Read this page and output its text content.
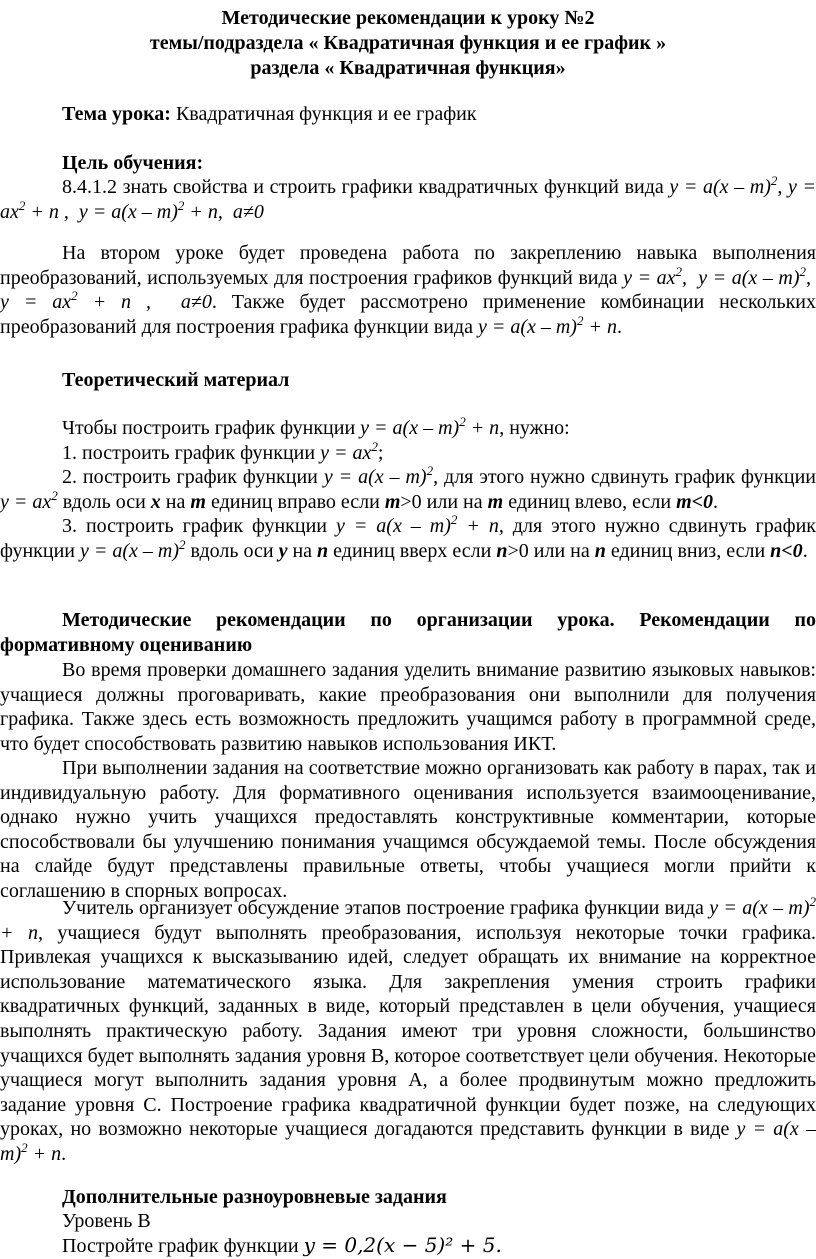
Методические рекомендации к уроку №2
темы/подраздела « Квадратичная функция и ее график »
раздела « Квадратичная функция»
Тема урока: Квадратичная функция и ее график
Цель обучения:
8.4.1.2 знать свойства и строить графики квадратичных функций вида y = a(x – m)$^2$, $y = ax^2 + n$ ,  y = a(x – m)$^2$ + n,  a≠0
На втором уроке будет проведена работа по закреплению навыка выполнения преобразований, используемых для построения графиков функций вида $y = ax^2$,  y = a(x – m)$^2$,  $y = ax^2 + n$ ,  a≠0. Также будет рассмотрено применение комбинации нескольких преобразований для построения графика функции вида y = a(x – m)$^2$ + n.
Теоретический материал
Чтобы построить график функции y = a(x – m)$^2$ + n, нужно:
1. построить график функции $y = ax^2$;
2. построить график функции y = a(x – m)$^2$, для этого нужно сдвинуть график функции $y = ax^2$ вдоль оси x на m единиц вправо если m>0 или на m единиц влево, если m<0.
3. построить график функции y = a(x – m)$^2$ + n, для этого нужно сдвинуть график функции y = a(x – m)$^2$ вдоль оси y на n единиц вверх если n>0 или на n единиц вниз, если n<0.
Методические рекомендации по организации урока. Рекомендации по формативному оцениванию
Во время проверки домашнего задания уделить внимание развитию языковых навыков: учащиеся должны проговаривать, какие преобразования они выполнили для получения графика. Также здесь есть возможность предложить учащимся работу в программной среде, что будет способствовать развитию навыков использования ИКТ.
При выполнении задания на соответствие можно организовать как работу в парах, так и индивидуальную работу. Для формативного оценивания используется взаимооценивание, однако нужно учить учащихся предоставлять конструктивные комментарии, которые способствовали бы улучшению понимания учащимся обсуждаемой темы. После обсуждения на слайде будут представлены правильные ответы, чтобы учащиеся могли прийти к соглашению в спорных вопросах.
Учитель организует обсуждение этапов построение графика функции вида y = a(x – m)$^2$ + n, учащиеся будут выполнять преобразования, используя некоторые точки графика. Привлекая учащихся к высказыванию идей, следует обращать их внимание на корректное использование математического языка. Для закрепления умения строить графики квадратичных функций, заданных в виде, который представлен в цели обучения, учащиеся выполнять практическую работу. Задания имеют три уровня сложности, большинство учащихся будет выполнять задания уровня В, которое соответствует цели обучения. Некоторые учащиеся могут выполнить задания уровня А, а более продвинутым можно предложить задание уровня С. Построение графика квадратичной функции будет позже, на следующих уроках, но возможно некоторые учащиеся догадаются представить функции в виде y = a(x – m)$^2$ + n.
Дополнительные разноуровневые задания
Уровень В
Постройте график функции y = 0,2(x − 5)² + 5.
